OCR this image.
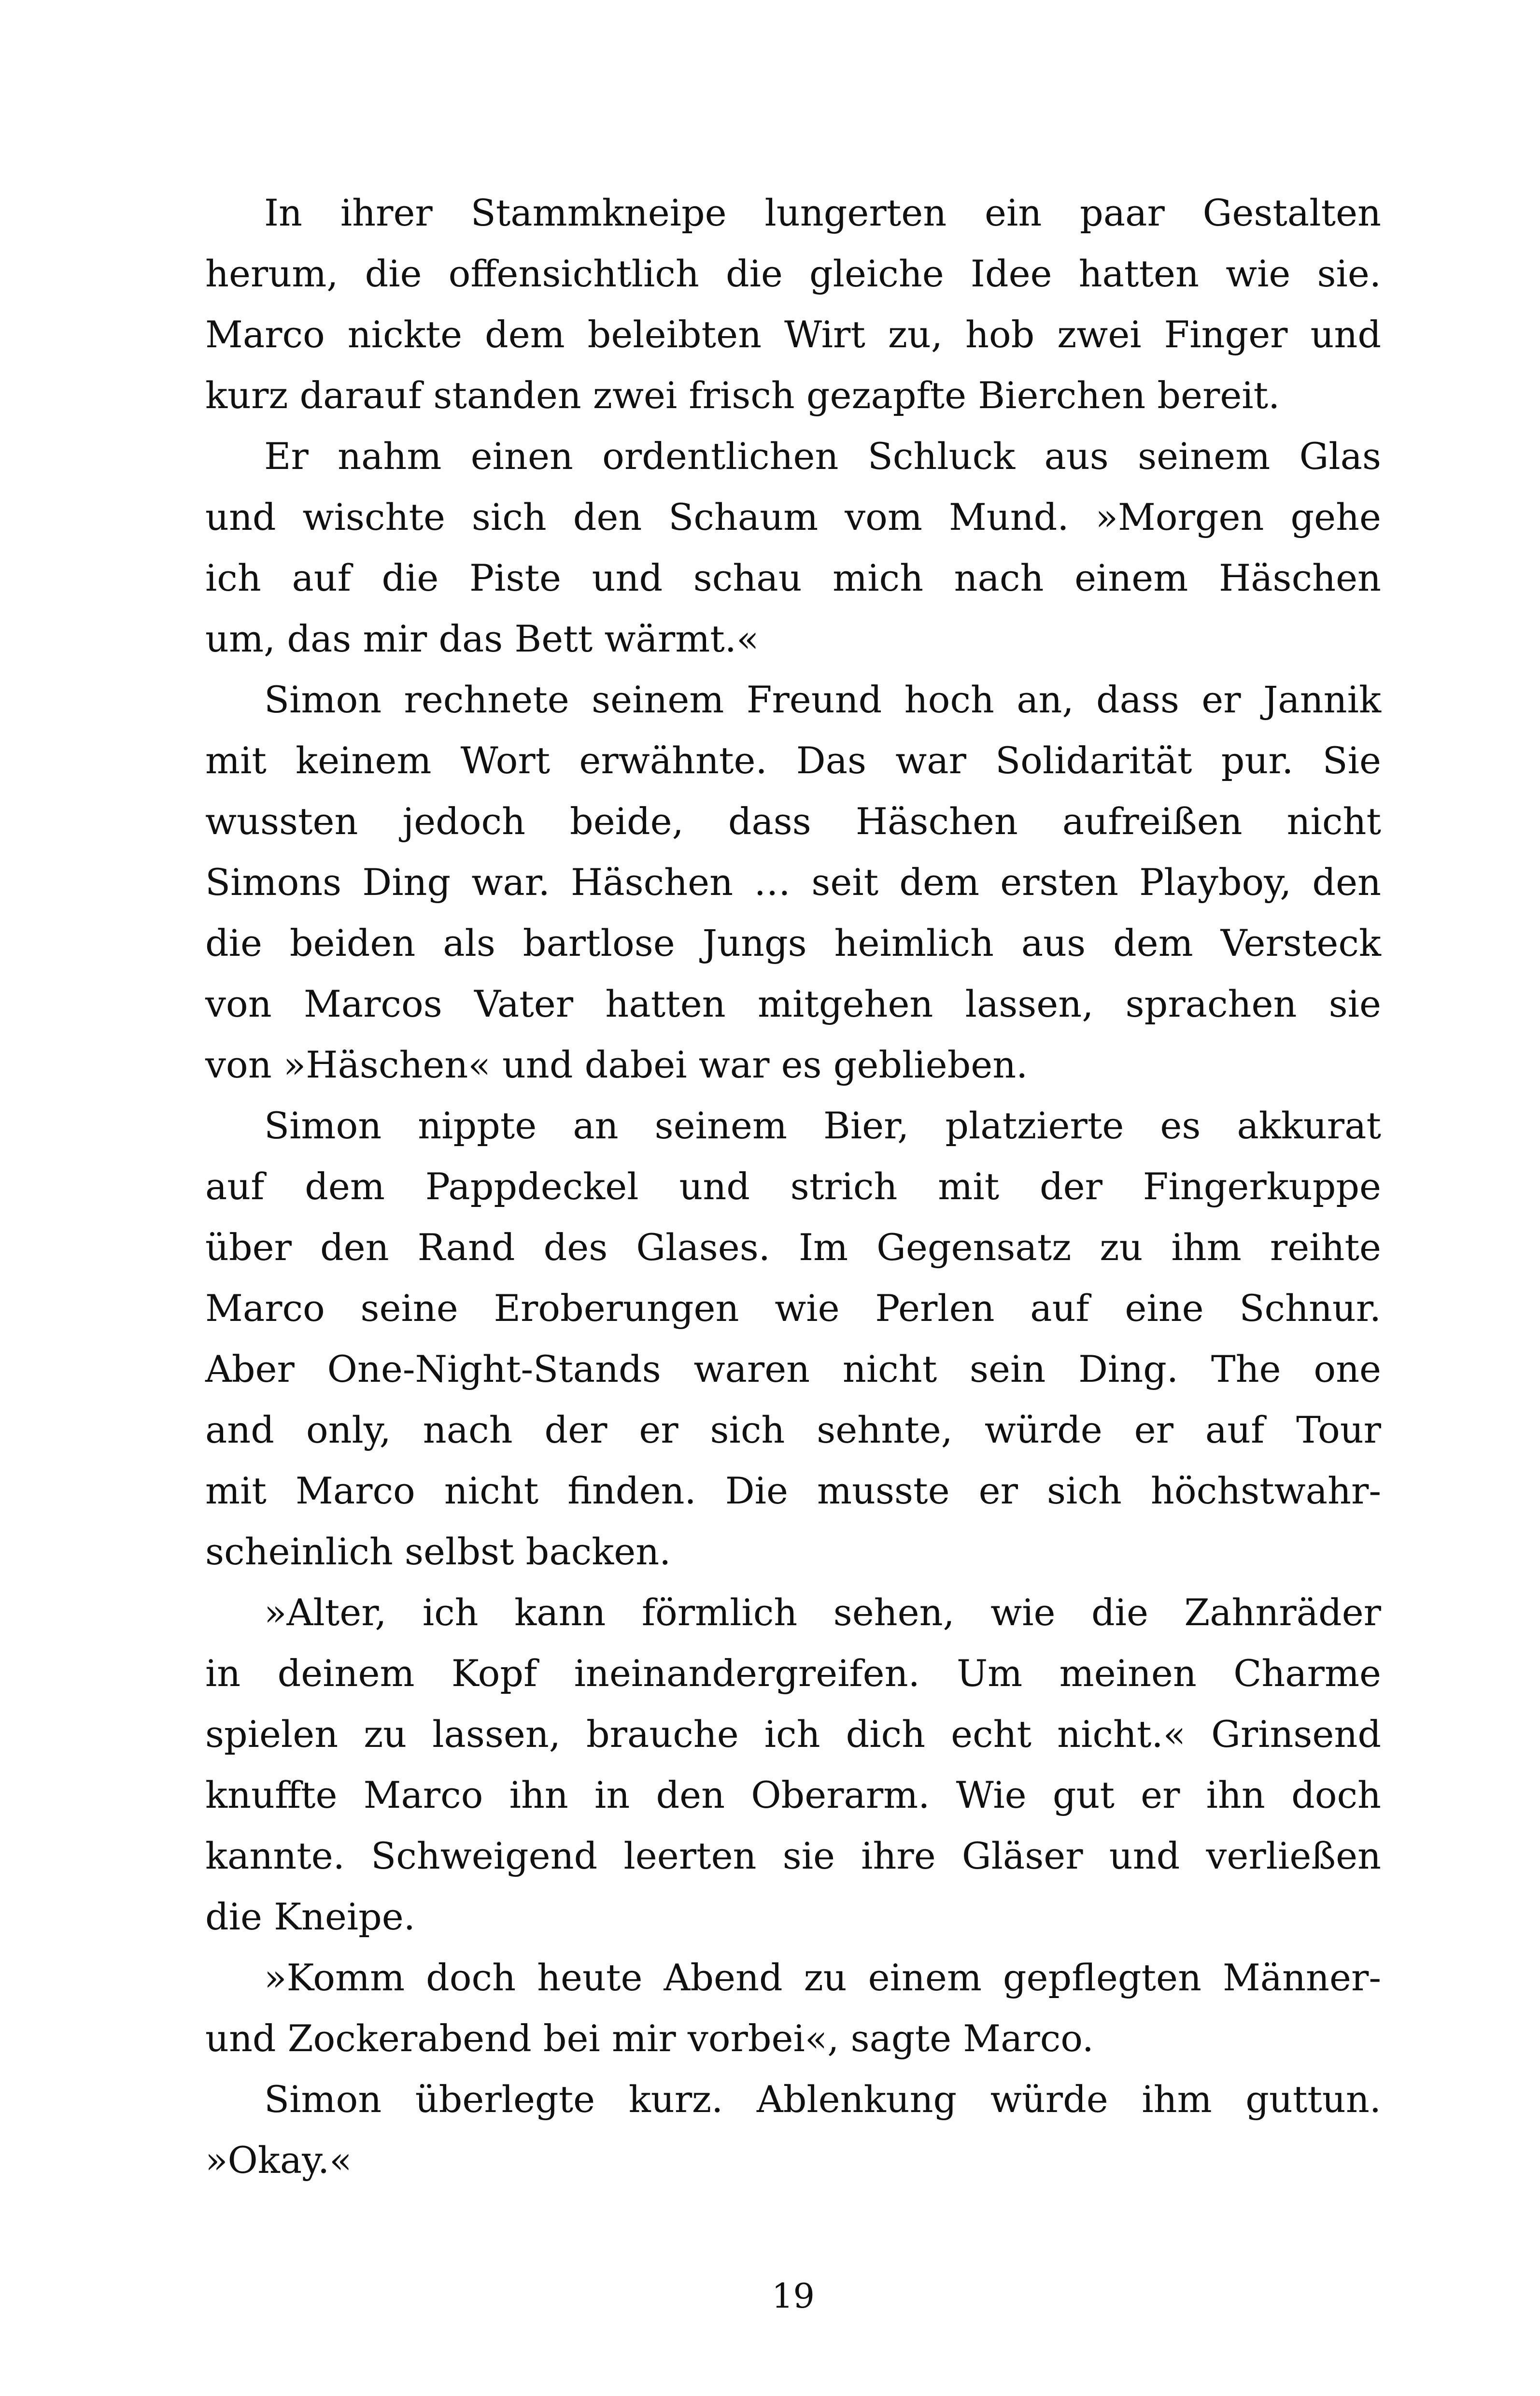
In ihrer Stammkneipe lungerten ein paar Gestalten
herum, die offensichtlich die gleiche Idee hatten wie sie.
Marco nickte dem beleibten Wirt zu, hob zwei Finger und
kurz darauf standen zwei frisch gezapfte Bierchen bereit.
Er nahm einen ordentlichen Schluck aus seinem Glas
und wischte sich den Schaum vom Mund. »Morgen gehe
ich auf die Piste und schau mich nach einem Häschen
um, das mir das Bett wärmt.«
Simon rechnete seinem Freund hoch an, dass er Jannik
mit keinem Wort erwähnte. Das war Solidarität pur. Sie
wussten jedoch beide, dass Häschen aufreißen nicht
Simons Ding war. Häschen … seit dem ersten Playboy, den
die beiden als bartlose Jungs heimlich aus dem Versteck
von Marcos Vater hatten mitgehen lassen, sprachen sie
von »Häschen« und dabei war es geblieben.
Simon nippte an seinem Bier, platzierte es akkurat
auf dem Pappdeckel und strich mit der Fingerkuppe
über den Rand des Glases. Im Gegensatz zu ihm reihte
Marco seine Eroberungen wie Perlen auf eine Schnur.
Aber One-Night-Stands waren nicht sein Ding. The one
and only, nach der er sich sehnte, würde er auf Tour
mit Marco nicht finden. Die musste er sich höchstwahr-
scheinlich selbst backen.
»Alter, ich kann förmlich sehen, wie die Zahnräder
in deinem Kopf ineinandergreifen. Um meinen Charme
spielen zu lassen, brauche ich dich echt nicht.« Grinsend
knuffte Marco ihn in den Oberarm. Wie gut er ihn doch
kannte. Schweigend leerten sie ihre Gläser und verließen
die Kneipe.
»Komm doch heute Abend zu einem gepflegten Männer-
und Zockerabend bei mir vorbei«, sagte Marco.
Simon überlegte kurz. Ablenkung würde ihm guttun.
»Okay.«
19
